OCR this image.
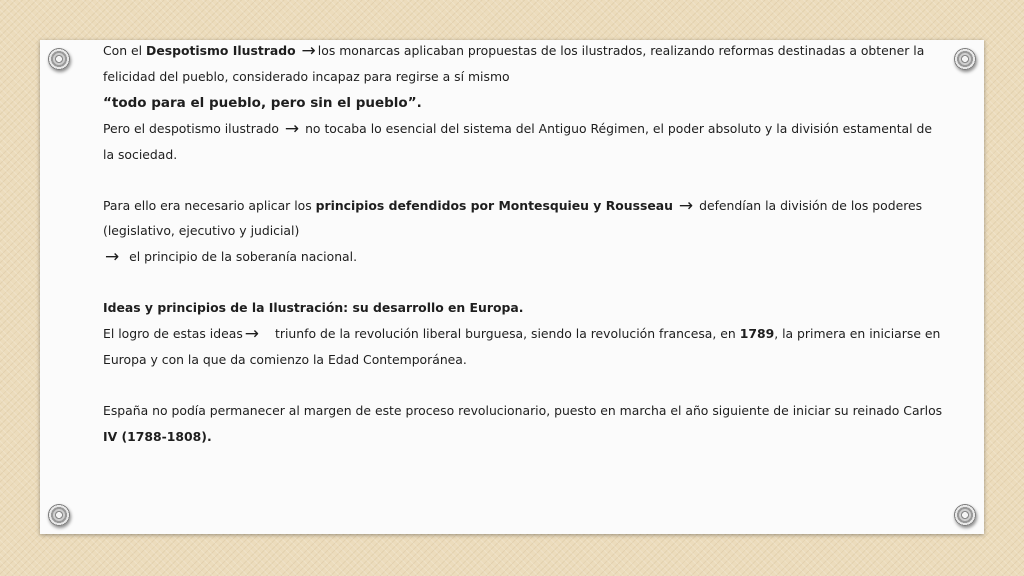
Con el Despotismo Ilustrado → los monarcas aplicaban propuestas de los ilustrados, realizando reformas destinadas a obtener la
felicidad del pueblo, considerado incapaz para regirse a sí mismo
“todo para el pueblo, pero sin el pueblo”.
Pero el despotismo ilustrado → no tocaba lo esencial del sistema del Antiguo Régimen, el poder absoluto y la división estamental de
la sociedad.
Para ello era necesario aplicar los principios defendidos por Montesquieu y Rousseau → defendían la división de los poderes
(legislativo, ejecutivo y judicial)
→ el principio de la soberanía nacional.
Ideas y principios de la Ilustración: su desarrollo en Europa.
El logro de estas ideas → triunfo de la revolución liberal burguesa, siendo la revolución francesa, en 1789, la primera en iniciarse en
Europa y con la que da comienzo la Edad Contemporánea.
España no podía permanecer al margen de este proceso revolucionario, puesto en marcha el año siguiente de iniciar su reinado Carlos
IV (1788-1808).
